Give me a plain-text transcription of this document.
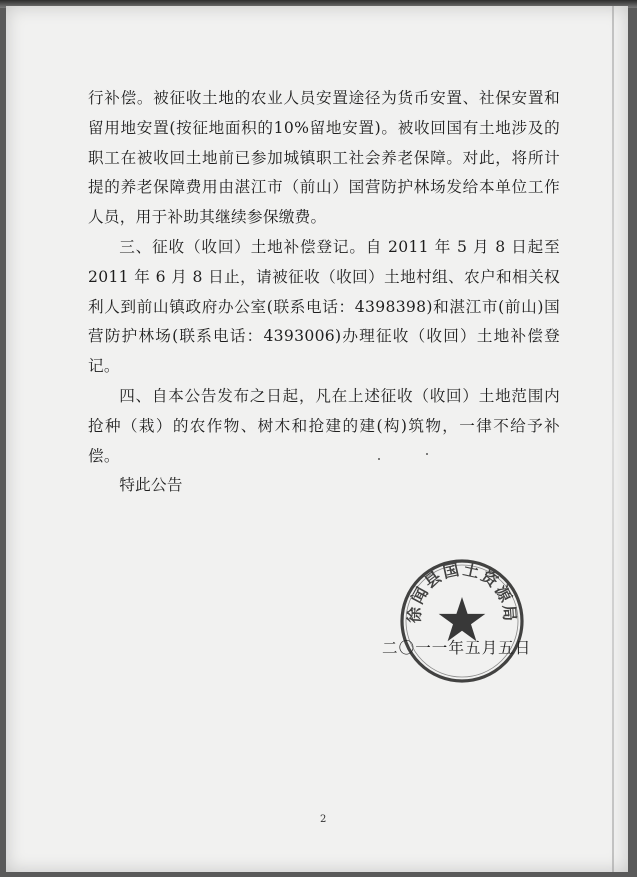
行补偿。被征收土地的农业人员安置途径为货币安置、社保安置和留用地安置(按征地面积的10%留地安置)。被收回国有土地涉及的职工在被收回土地前已参加城镇职工社会养老保障。对此，将所计提的养老保障费用由湛江市（前山）国营防护林场发给本单位工作人员，用于补助其继续参保缴费。

三、征收（收回）土地补偿登记。自 2011 年 5 月 8 日起至 2011 年 6 月 8 日止，请被征收（收回）土地村组、农户和相关权利人到前山镇政府办公室(联系电话：4398398)和湛江市(前山)国营防护林场(联系电话：4393006)办理征收（收回）土地补偿登记。

四、自本公告发布之日起，凡在上述征收（收回）土地范围内抢种（栽）的农作物、树木和抢建的建(构)筑物，一律不给予补偿。

特此公告

徐闻县国土资源局
二〇一一年五月五日
2
